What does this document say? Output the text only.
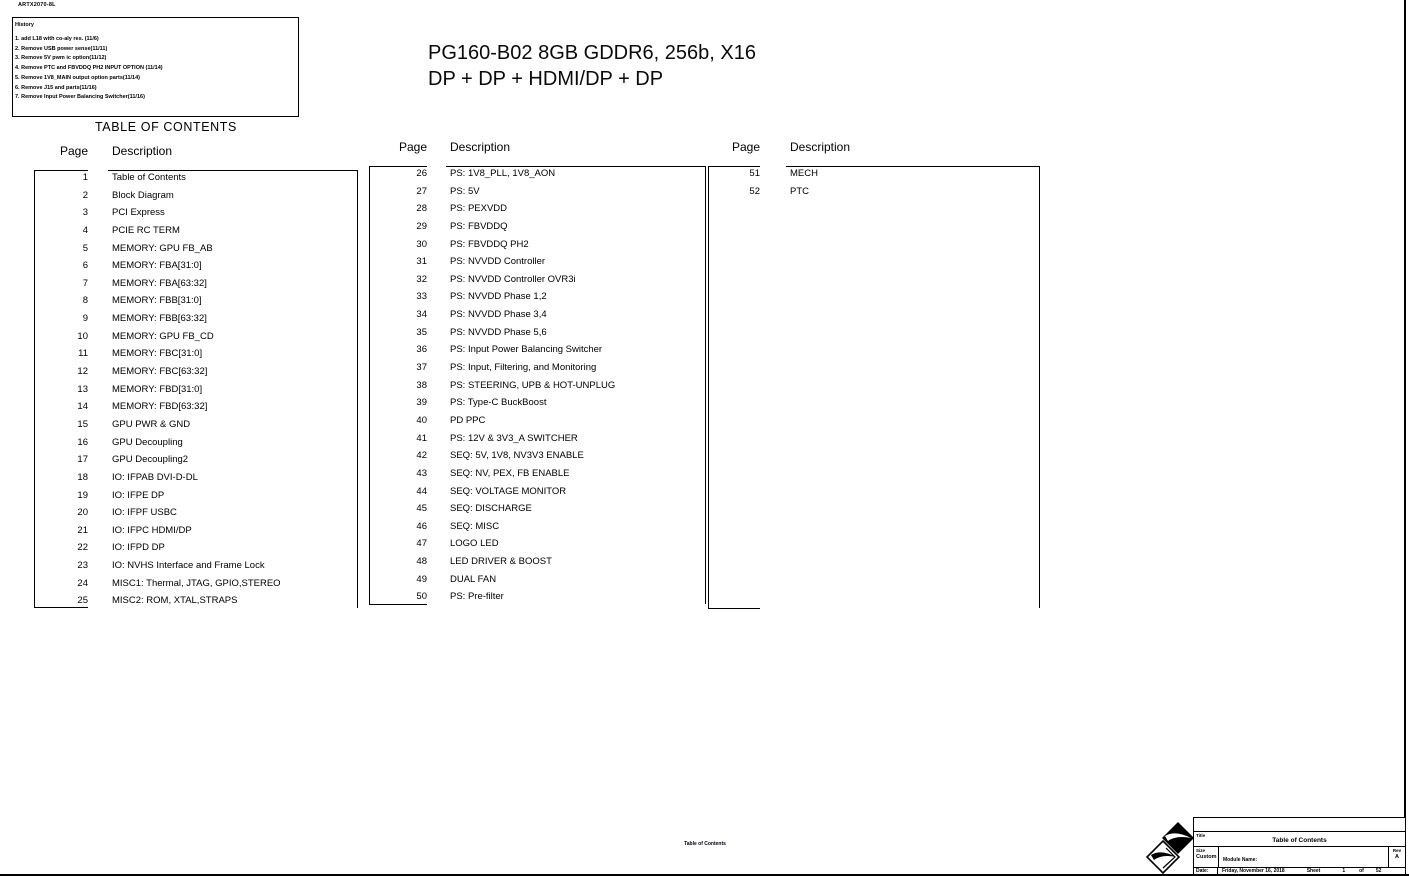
ARTX2070-8L
History
1. add L18 with co-aly res. (11/6)
2. Remove USB power sense(11/11)
3. Remove 5V pwm ic option(11/12)
4. Remove PTC and FBVDDQ PH2 INPUT OPTION (11/14)
5. Remove 1V8_MAIN output option parts(11/14)
6. Remove J15 and parts(11/16)
7. Remove Input Power Balancing Switcher(11/16)
PG160-B02 8GB GDDR6, 256b, X16
DP + DP + HDMI/DP + DP
TABLE OF CONTENTS
Page Description
1	Table of Contents
2	Block Diagram
3	PCI Express
4	PCIE RC TERM
5	MEMORY: GPU FB_AB
6	MEMORY: FBA[31:0]
7	MEMORY: FBA[63:32]
8	MEMORY: FBB[31:0]
9	MEMORY: FBB[63:32]
10	MEMORY: GPU FB_CD
11	MEMORY: FBC[31:0]
12	MEMORY: FBC[63:32]
13	MEMORY: FBD[31:0]
14	MEMORY: FBD[63:32]
15	GPU PWR & GND
16	GPU Decoupling
17	GPU Decoupling2
18	IO: IFPAB DVI-D-DL
19	IO: IFPE DP
20	IO: IFPF USBC
21	IO: IFPC HDMI/DP
22	IO: IFPD DP
23	IO: NVHS Interface and Frame Lock
24	MISC1: Thermal, JTAG, GPIO,STEREO
25	MISC2: ROM, XTAL,STRAPS
Page Description
26 PS: 1V8_PLL, 1V8_AON
27 PS: 5V
28 PS: PEXVDD
29 PS: FBVDDQ
30 PS: FBVDDQ PH2
31 PS: NVVDD Controller
32 PS: NVVDD Controller OVR3i
33 PS: NVVDD Phase 1,2
34 PS: NVVDD Phase 3,4
35 PS: NVVDD Phase 5,6
36 PS: Input Power Balancing Switcher
37 PS: Input, Filtering, and Monitoring
38 PS: STEERING, UPB & HOT-UNPLUG
39 PS: Type-C BuckBoost
40 PD PPC
41 PS: 12V & 3V3_A SWITCHER
42 SEQ: 5V, 1V8, NV3V3 ENABLE
43 SEQ: NV, PEX, FB ENABLE
44 SEQ: VOLTAGE MONITOR
45 SEQ: DISCHARGE
46 SEQ: MISC
47 LOGO LED
48 LED DRIVER & BOOST
49 DUAL FAN
50 PS: Pre-filter
Page	Description
51	MECH
52	PTC
Table of Contents
Title
Table of Contents
Size
Custom	Module Name:
Rev
A
Date:	Friday, November 16, 2018	Sheet	1	of 52
